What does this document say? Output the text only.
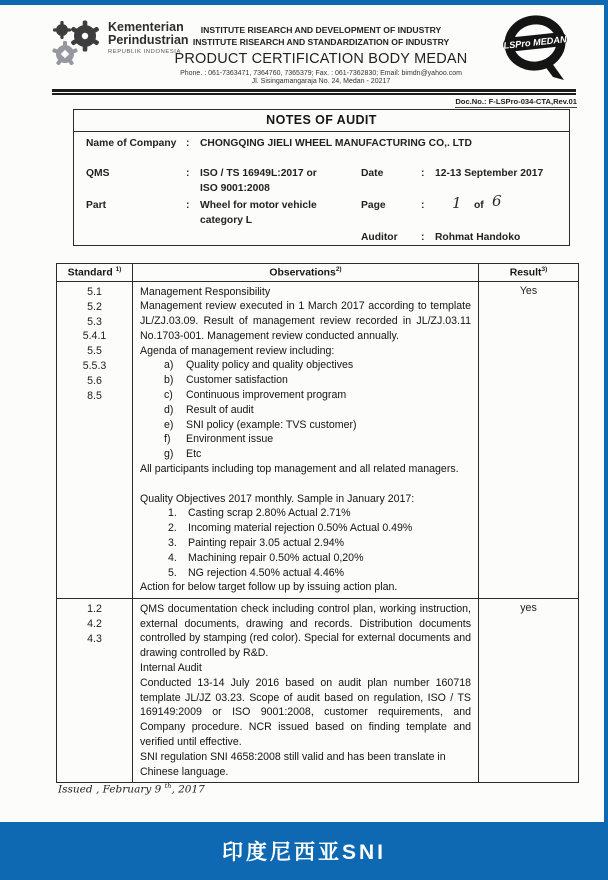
Kementerian
Perindustrian
REPUBLIK INDONESIA
INSTITUTE RISEARCH AND DEVELOPMENT OF INDUSTRY
INSTITUTE RISEARCH AND STANDARDIZATION OF INDUSTRY
PRODUCT CERTIFICATION BODY MEDAN
Phone. : 061-7363471, 7364760, 7365379; Fax. : 061-7362830; Email: bimdn@yahoo.com
Jl. Sisingamangaraja No. 24, Medan - 20217
LSPro MEDAN
Doc.No.: F-LSPro-034-CTA,Rev.01
NOTES OF AUDIT
Name of Company : CHONGQING JIELI WHEEL MANUFACTURING CO,. LTD
QMS	: ISO / TS 16949L:2017 or
ISO 9001:2008
Part	: Wheel for motor vehicle
category L
Date	: 12-13 September 2017
Page	: 1 of 6
Auditor : Rohmat Handoko
Standard $^{1)}$	Observations$^{2)}$	Result$^{3)}$

5.1
5.2
5.3
5.4.1
5.5
5.5.3
5.6
8.5

Management Responsibility
Management review executed in 1 March 2017 according to template JL/ZJ.03.09. Result of management review recorded in JL/ZJ.03.11 No.1703-001. Management review conducted annually.
Agenda of management review including:
a)	Quality policy and quality objectives
b)	Customer satisfaction
c)	Continuous improvement program
d)	Result of audit
e)	SNI policy (example: TVS customer)
f)	Environment issue
g)	Etc
All participants including top management and all related managers.
Quality Objectives 2017 monthly. Sample in January 2017:
1.	Casting scrap 2.80% Actual 2.71%
2.	Incoming material rejection 0.50% Actual 0.49%
3.	Painting repair 3.05 actual 2.94%
4.	Machining repair 0.50% actual 0,20%
5.	NG rejection 4.50% actual 4.46%
Action for below target follow up by issuing action plan.
	Yes

1.2
4.2
4.3

QMS documentation check including control plan, working instruction, external documents, drawing and records. Distribution documents controlled by stamping (red color). Special for external documents and drawing controlled by R&D.
Internal Audit
Conducted 13-14 July 2016 based on audit plan number 160718 template JL/JZ 03.23. Scope of audit based on regulation, ISO / TS 169149:2009 or ISO 9001:2008, customer requirements, and Company procedure. NCR issued based on finding template and verified until effective.
SNI regulation SNI 4658:2008 still valid and has been translate in Chinese language.
	yes
Issued , February 9 $^{th}$, 2017
印度尼西亚SNI
